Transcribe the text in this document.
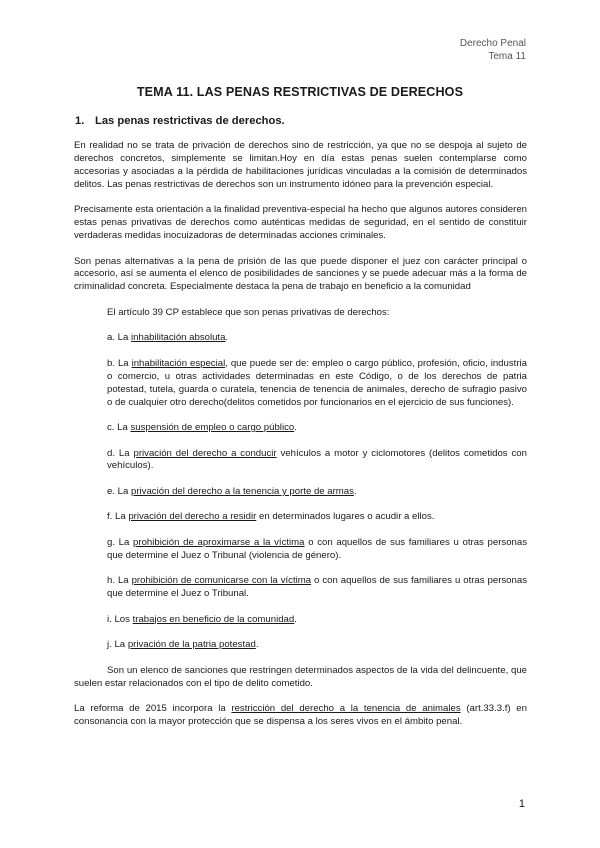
Derecho Penal
Tema 11
TEMA 11. LAS PENAS RESTRICTIVAS DE DERECHOS
1. Las penas restrictivas de derechos.

En realidad no se trata de privación de derechos sino de restricción, ya que no se despoja al sujeto de derechos concretos, simplemente se limitan.Hoy en día estas penas suelen contemplarse como accesorias y asociadas a la pérdida de habilitaciones jurídicas vinculadas a la comisión de determinados delitos. Las penas restrictivas de derechos son un instrumento idóneo para la prevención especial.

Precisamente esta orientación a la finalidad preventiva-especial ha hecho que algunos autores consideren estas penas privativas de derechos como auténticas medidas de seguridad, en el sentido de constituir verdaderas medidas inocuizadoras de determinadas acciones criminales.

Son penas alternativas a la pena de prisión de las que puede disponer el juez con carácter principal o accesorio, así se aumenta el elenco de posibilidades de sanciones y se puede adecuar más a la forma de criminalidad concreta. Especialmente destaca la pena de trabajo en beneficio a la comunidad

El artículo 39 CP establece que son penas privativas de derechos:

a. La inhabilitación absoluta.

b. La inhabilitación especial, que puede ser de: empleo o cargo público, profesión, oficio, industria o comercio, u otras actividades determinadas en este Código, o de los derechos de patria potestad, tutela, guarda o curatela, tenencia de tenencia de animales, derecho de sufragio pasivo o de cualquier otro derecho(delitos cometidos por funcionarios en el ejercicio de sus funciones).

c. La suspensión de empleo o cargo público.

d. La privación del derecho a conducir vehículos a motor y ciclomotores (delitos cometidos con vehículos).

e. La privación del derecho a la tenencia y porte de armas.

f. La privación del derecho a residir en determinados lugares o acudir a ellos.

g. La prohibición de aproximarse a la víctima o con aquellos de sus familiares u otras personas que determine el Juez o Tribunal (violencia de género).

h. La prohibición de comunicarse con la víctima o con aquellos de sus familiares u otras personas que determine el Juez o Tribunal.

i. Los trabajos en beneficio de la comunidad.

j. La privación de la patria potestad.

Son un elenco de sanciones que restringen determinados aspectos de la vida del delincuente, que suelen estar relacionados con el tipo de delito cometido.

La reforma de 2015 incorpora la restricción del derecho a la tenencia de animales (art.33.3.f) en consonancia con la mayor protección que se dispensa a los seres vivos en el ámbito penal.

1
